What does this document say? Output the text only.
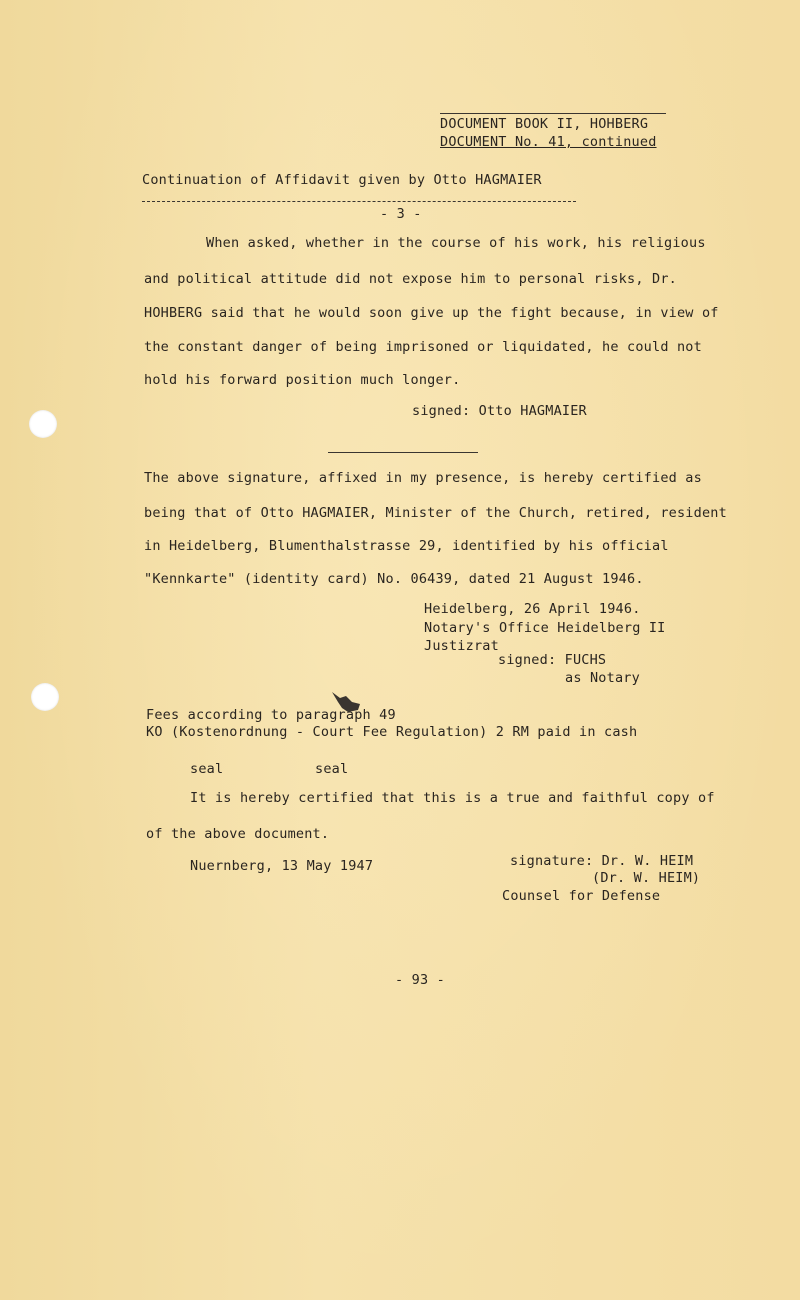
DOCUMENT BOOK II, HOHBERG
DOCUMENT No. 41, continued
Continuation of Affidavit given by Otto HAGMAIER
- 3 -
When asked, whether in the course of his work, his religious
and political attitude did not expose him to personal risks, Dr.
HOHBERG said that he would soon give up the fight because, in view of
the constant danger of being imprisoned or liquidated, he could not
hold his forward position much longer.
signed: Otto HAGMAIER
The above signature, affixed in my presence, is hereby certified as
being that of Otto HAGMAIER, Minister of the Church, retired, resident
in Heidelberg, Blumenthalstrasse 29, identified by his official
"Kennkarte" (identity card) No. 06439, dated 21 August 1946.
Heidelberg, 26 April 1946.
Notary's Office Heidelberg II
Justizrat
signed: FUCHS
as Notary
Fees according to paragraph 49
KO (Kostenordnung - Court Fee Regulation) 2 RM paid in cash
seal	seal
It is hereby certified that this is a true and faithful copy of
of the above document.
Nuernberg, 13 May 1947	signature: Dr. W. HEIM
(Dr. W. HEIM)
Counsel for Defense
- 93 -
